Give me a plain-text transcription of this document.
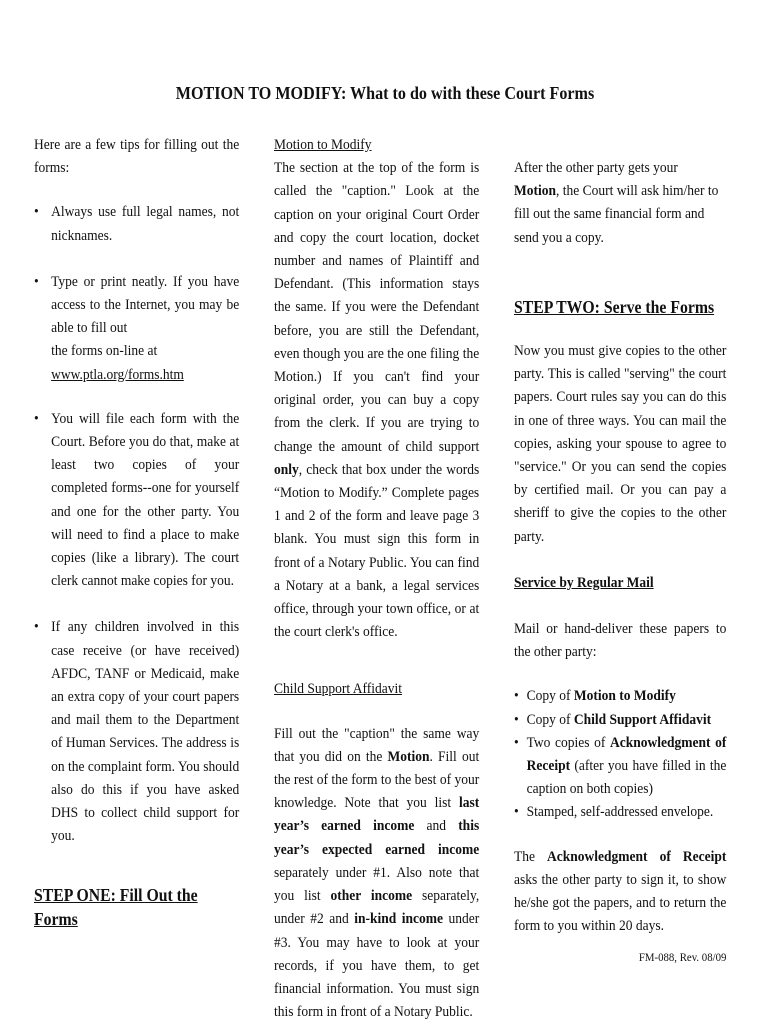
MOTION TO MODIFY: What to do with these Court Forms

Here are a few tips for filling out the forms:

• Always use full legal names, not nicknames.
• Type or print neatly. If you have access to the Internet, you may be able to fill out
the forms on-line at
www.ptla.org/forms.htm
• You will file each form with the Court. Before you do that, make at least two copies of your completed forms--one for yourself and one for the other party. You will need to find a place to make copies (like a library). The court clerk cannot make copies for you.
• If any children involved in this case receive (or have received) AFDC, TANF or Medicaid, make an extra copy of your court papers and mail them to the Department of Human Services. The address is on the complaint form. You should also do this if you have asked DHS to collect child support for you.

STEP ONE: Fill Out the Forms

Motion to Modify

The section at the top of the form is called the "caption." Look at the caption on your original Court Order and copy the court location, docket number and names of Plaintiff and Defendant. (This information stays the same. If you were the Defendant before, you are still the Defendant, even though you are the one filing the Motion.) If you can't find your original order, you can buy a copy from the clerk. If you are trying to change the amount of child support only, check that box under the words “Motion to Modify.” Complete pages 1 and 2 of the form and leave page 3 blank. You must sign this form in front of a Notary Public. You can find a Notary at a bank, a legal services office, through your town office, or at the court clerk's office.

Child Support Affidavit

Fill out the "caption" the same way that you did on the Motion. Fill out the rest of the form to the best of your knowledge. Note that you list last year’s earned income and this year’s expected earned income separately under #1. Also note that you list other income separately, under #2 and in-kind income under #3. You may have to look at your records, if you have them, to get financial information. You must sign this form in front of a Notary Public.

After the other party gets your Motion, the Court will ask him/her to fill out the same financial form and send you a copy.

STEP TWO: Serve the Forms

Now you must give copies to the other party. This is called "serving" the court papers. Court rules say you can do this in one of three ways. You can mail the copies, asking your spouse to agree to "service." Or you can send the copies by certified mail. Or you can pay a sheriff to give the copies to the other party.

Service by Regular Mail

Mail or hand-deliver these papers to the other party:

• Copy of Motion to Modify
• Copy of Child Support Affidavit
• Two copies of Acknowledgment of Receipt (after you have filled in the caption on both copies)
• Stamped, self-addressed envelope.

The Acknowledgment of Receipt asks the other party to sign it, to show he/she got the papers, and to return the form to you within 20 days.

FM-088, Rev. 08/09
